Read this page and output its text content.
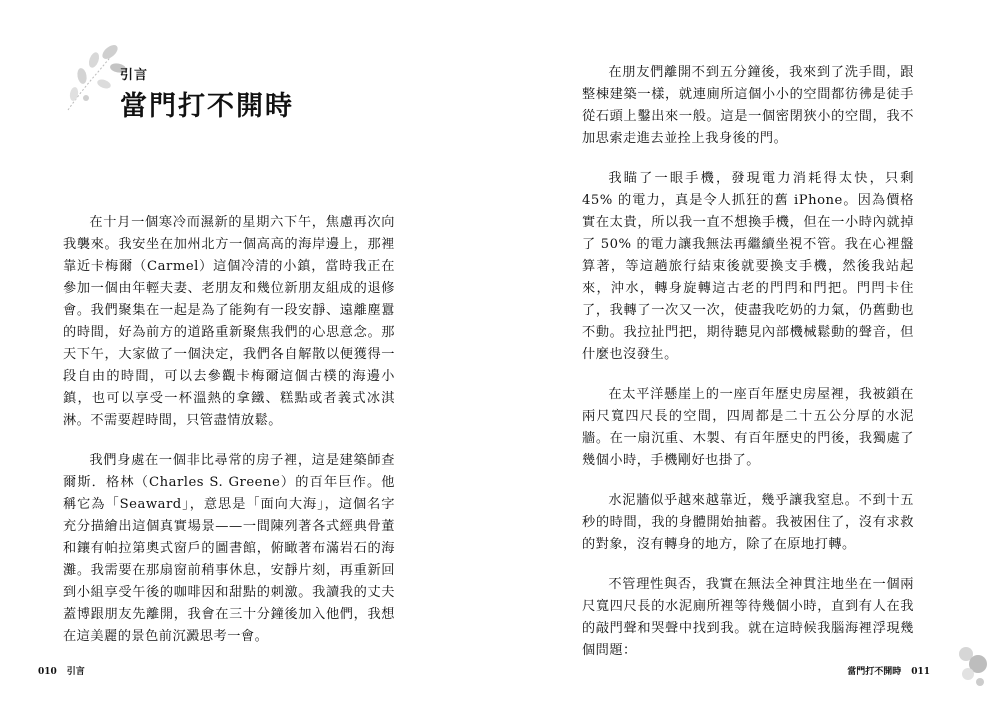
引言
當門打不開時

在十月一個寒冷而濕新的星期六下午，焦慮再次向我襲來。我安坐在加州北方一個高高的海岸邊上，那裡靠近卡梅爾（Carmel）這個冷清的小鎮，當時我正在參加一個由年輕夫妻、老朋友和幾位新朋友組成的退修會。我們聚集在一起是為了能夠有一段安靜、遠離塵囂的時間，好為前方的道路重新聚焦我們的心思意念。那天下午，大家做了一個決定，我們各自解散以便獲得一段自由的時間，可以去參觀卡梅爾這個古樸的海邊小鎮，也可以享受一杯溫熱的拿鐵、糕點或者義式冰淇淋。不需要趕時間，只管盡情放鬆。

我們身處在一個非比尋常的房子裡，這是建築師查爾斯．格林（Charles S. Greene）的百年巨作。他稱它為「Seaward」，意思是「面向大海」，這個名字充分描繪出這個真實場景——一間陳列著各式經典骨董和鑲有帕拉第奧式窗戶的圖書館，俯瞰著布滿岩石的海灘。我需要在那扇窗前稍事休息，安靜片刻，再重新回到小組享受午後的咖啡因和甜點的刺激。我讀我的丈夫蓋博跟朋友先離開，我會在三十分鐘後加入他們，我想在這美麗的景色前沉澱思考一會。

010 引言

在朋友們離開不到五分鐘後，我來到了洗手間，跟整棟建築一樣，就連廁所這個小小的空間都彷彿是徒手從石頭上鑿出來一般。這是一個密閉狹小的空間，我不加思索走進去並拴上我身後的門。

我瞄了一眼手機，發現電力消耗得太快，只剩 45% 的電力，真是令人抓狂的舊 iPhone。因為價格實在太貴，所以我一直不想換手機，但在一小時內就掉了 50% 的電力讓我無法再繼續坐視不管。我在心裡盤算著，等這趟旅行結束後就要換支手機，然後我站起來，沖水，轉身旋轉這古老的門閂和門把。門閂卡住了，我轉了一次又一次，使盡我吃奶的力氣，仍舊動也不動。我拉扯門把，期待聽見內部機械鬆動的聲音，但什麼也沒發生。

在太平洋懸崖上的一座百年歷史房屋裡，我被鎖在兩尺寬四尺長的空間，四周都是二十五公分厚的水泥牆。在一扇沉重、木製、有百年歷史的門後，我獨處了幾個小時，手機剛好也掛了。

水泥牆似乎越來越靠近，幾乎讓我窒息。不到十五秒的時間，我的身體開始抽蓄。我被困住了，沒有求救的對象，沒有轉身的地方，除了在原地打轉。

不管理性與否，我實在無法全神貫注地坐在一個兩尺寬四尺長的水泥廁所裡等待幾個小時，直到有人在我的敲門聲和哭聲中找到我。就在這時候我腦海裡浮現幾個問題：

當門打不開時 011
